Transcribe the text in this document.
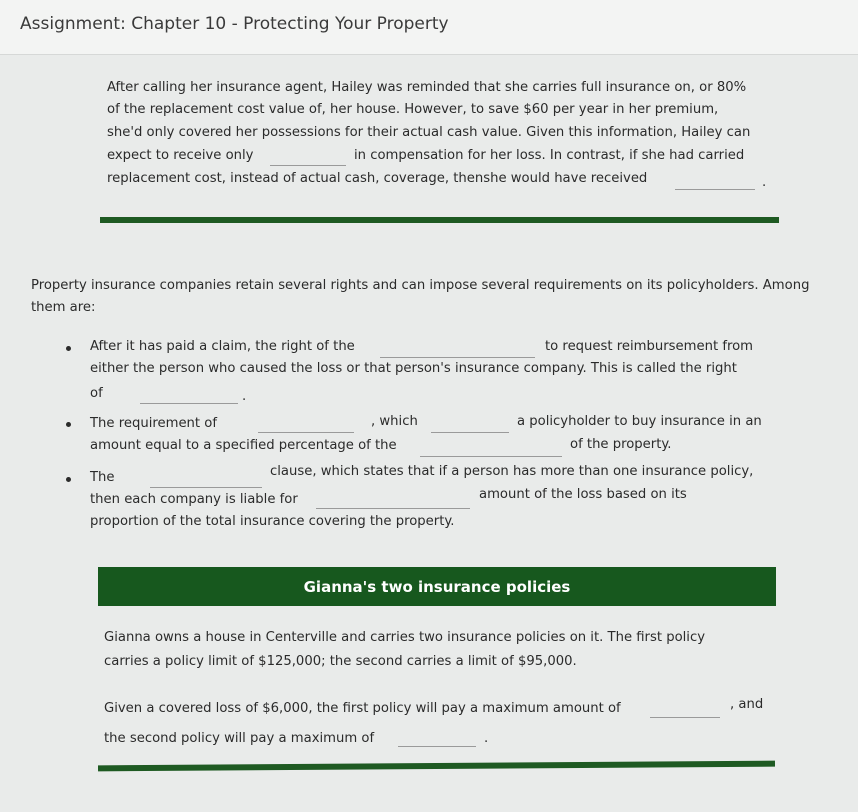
Assignment: Chapter 10 - Protecting Your Property
After calling her insurance agent, Hailey was reminded that she carries full insurance on, or 80%
of the replacement cost value of, her house. However, to save $60 per year in her premium,
she'd only covered her possessions for their actual cash value. Given this information, Hailey can
expect to receive only	in compensation for her loss. In contrast, if she had carried
replacement cost, instead of actual cash, coverage, thenshe would have received	.
Property insurance companies retain several rights and can impose several requirements on its policyholders. Among
them are:
After it has paid a claim, the right of the	to request reimbursement from
either the person who caused the loss or that person's insurance company. This is called the right
of	.
The requirement of	, which	a policyholder to buy insurance in an
amount equal to a specified percentage of the	of the property.
The	clause, which states that if a person has more than one insurance policy,
then each company is liable for	amount of the loss based on its
proportion of the total insurance covering the property.
Gianna's two insurance policies
Gianna owns a house in Centerville and carries two insurance policies on it. The first policy
carries a policy limit of $125,000; the second carries a limit of $95,000.
Given a covered loss of $6,000, the first policy will pay a maximum amount of	, and
the second policy will pay a maximum of	.
